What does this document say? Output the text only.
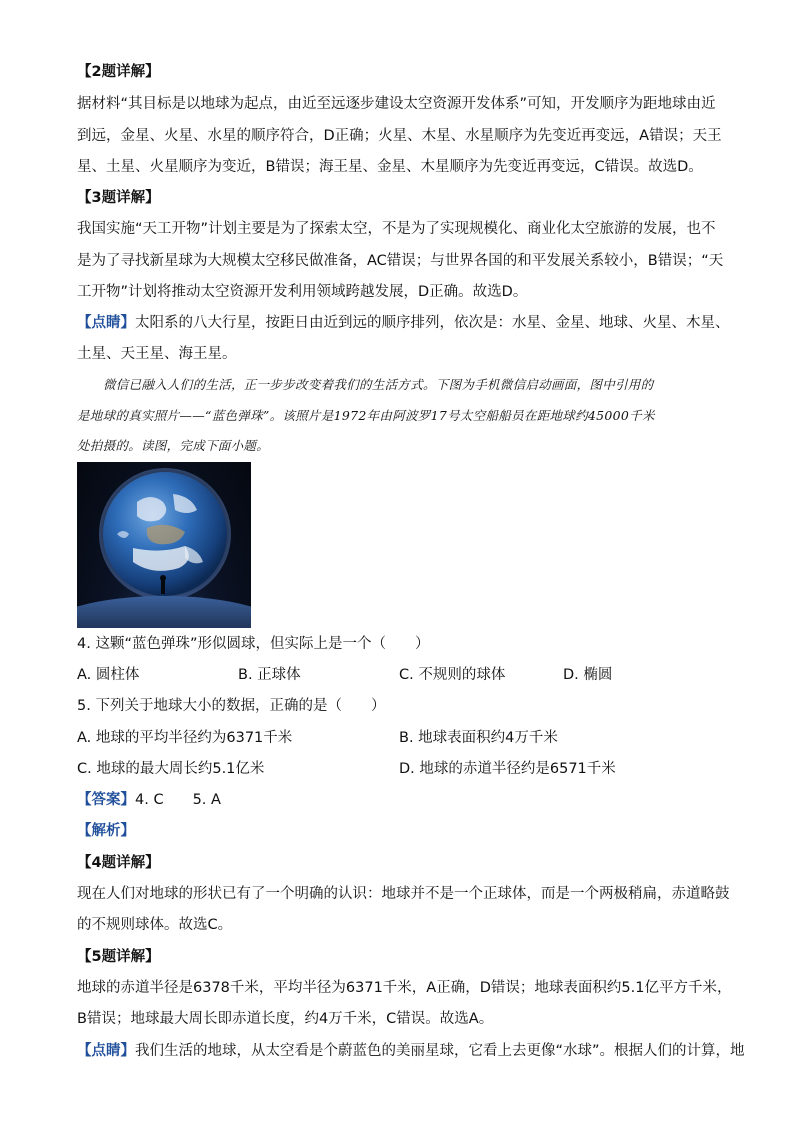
【2题详解】
据材料“其目标是以地球为起点，由近至远逐步建设太空资源开发体系”可知，开发顺序为距地球由近
到远，金星、火星、水星的顺序符合，D正确；火星、木星、水星顺序为先变近再变远，A错误；天王
星、土星、火星顺序为变近，B错误；海王星、金星、木星顺序为先变近再变远，C错误。故选D。
【3题详解】
我国实施“天工开物”计划主要是为了探索太空，不是为了实现规模化、商业化太空旅游的发展，也不
是为了寻找新星球为大规模太空移民做准备，AC错误；与世界各国的和平发展关系较小，B错误；“天
工开物”计划将推动太空资源开发利用领域跨越发展，D正确。故选D。
【点睛】太阳系的八大行星，按距日由近到远的顺序排列，依次是：水星、金星、地球、火星、木星、
土星、天王星、海王星。
微信已融入人们的生活，正一步步改变着我们的生活方式。下图为手机微信启动画面，图中引用的
是地球的真实照片——“蓝色弹珠”。该照片是1972年由阿波罗17号太空船船员在距地球约45000千米
处拍摄的。读图，完成下面小题。
4. 这颗“蓝色弹珠”形似圆球，但实际上是一个（　　）
A. 圆柱体	B. 正球体	C. 不规则的球体	D. 椭圆
5. 下列关于地球大小的数据，正确的是（　　）
A. 地球的平均半径约为6371千米	B. 地球表面积约4万千米
C. 地球的最大周长约5.1亿米	D. 地球的赤道半径约是6571千米
【答案】4. C　　5. A
【解析】
【4题详解】
现在人们对地球的形状已有了一个明确的认识：地球并不是一个正球体，而是一个两极稍扁，赤道略鼓
的不规则球体。故选C。
【5题详解】
地球的赤道半径是6378千米，平均半径为6371千米，A正确，D错误；地球表面积约5.1亿平方千米，
B错误；地球最大周长即赤道长度，约4万千米，C错误。故选A。
【点睛】我们生活的地球，从太空看是个蔚蓝色的美丽星球，它看上去更像“水球”。根据人们的计算，地
